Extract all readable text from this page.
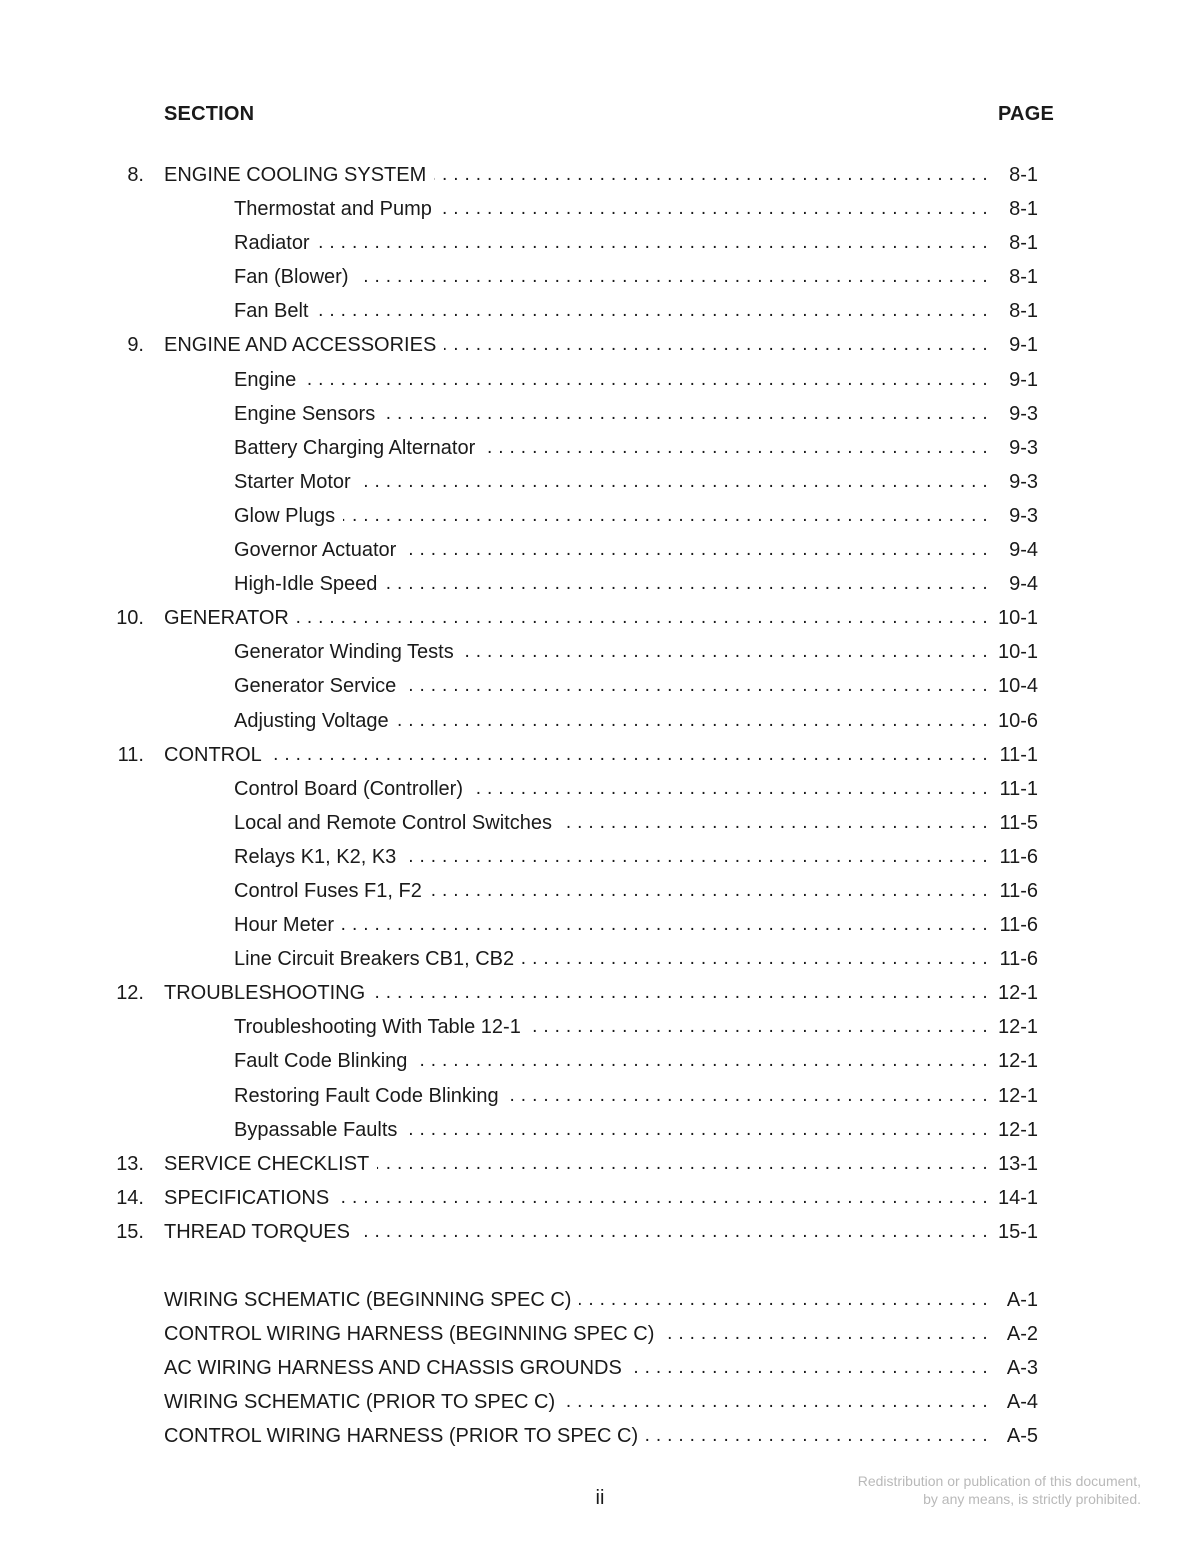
SECTION	PAGE
8. ENGINE COOLING SYSTEM . . .	8-1
Thermostat and Pump . . .	8-1
Radiator . . .	8-1
Fan (Blower) . . .	8-1
Fan Belt . . .	8-1
9. ENGINE AND ACCESSORIES . . .	9-1
Engine . . .	9-1
Engine Sensors . . .	9-3
Battery Charging Alternator . . .	9-3
Starter Motor . . .	9-3
Glow Plugs . . .	9-3
Governor Actuator . . .	9-4
High-Idle Speed . . .	9-4
10. GENERATOR . . .	10-1
Generator Winding Tests . . .	10-1
Generator Service . . .	10-4
Adjusting Voltage . . .	10-6
11. CONTROL . . .	11-1
Control Board (Controller) . . .	11-1
Local and Remote Control Switches . . .	11-5
Relays K1, K2, K3 . . .	11-6
Control Fuses F1, F2 . . .	11-6
Hour Meter . . .	11-6
Line Circuit Breakers CB1, CB2 . . .	11-6
12. TROUBLESHOOTING . . .	12-1
Troubleshooting With Table 12-1 . . .	12-1
Fault Code Blinking . . .	12-1
Restoring Fault Code Blinking . . .	12-1
Bypassable Faults . . .	12-1
13. SERVICE CHECKLIST . . .	13-1
14. SPECIFICATIONS . . .	14-1
15. THREAD TORQUES . . .	15-1
WIRING SCHEMATIC (BEGINNING SPEC C) . . .	A-1
CONTROL WIRING HARNESS (BEGINNING SPEC C) . . .	A-2
AC WIRING HARNESS AND CHASSIS GROUNDS . . .	A-3
WIRING SCHEMATIC (PRIOR TO SPEC C) . . .	A-4
CONTROL WIRING HARNESS (PRIOR TO SPEC C) . . .	A-5
ii
Redistribution or publication of this document,
by any means, is strictly prohibited.
